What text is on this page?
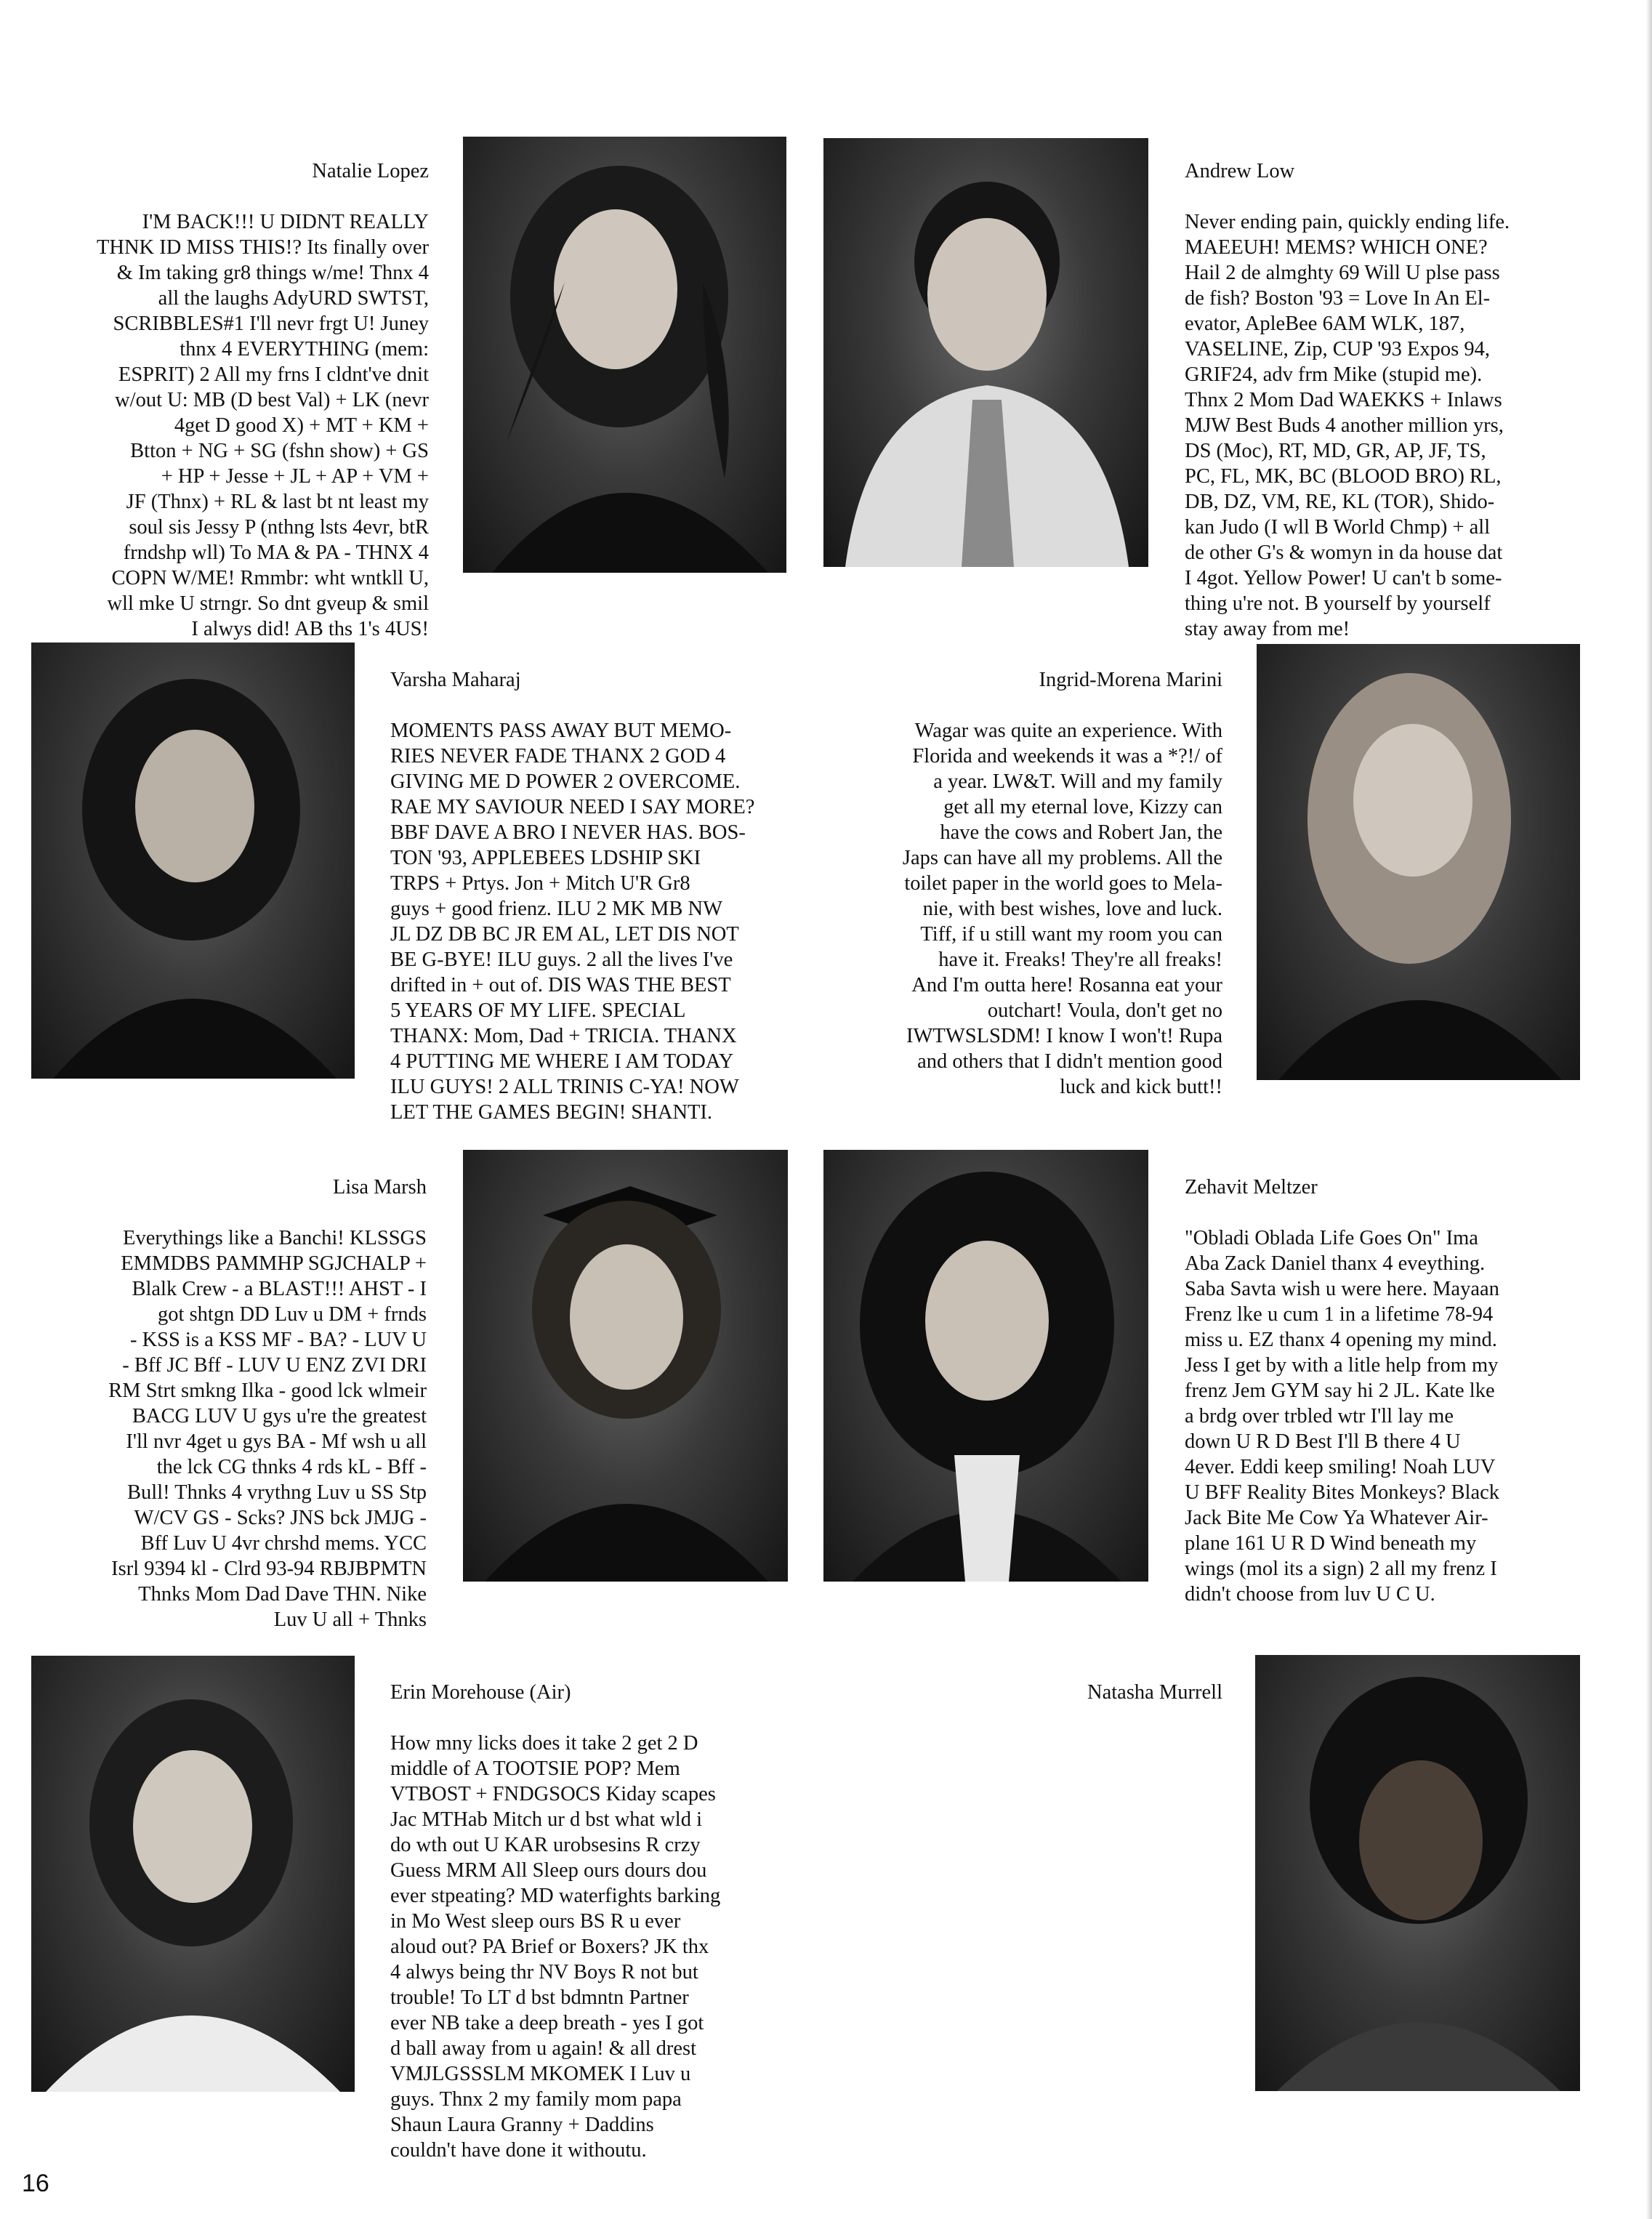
Natalie Lopez

I'M BACK!!! U DIDNT REALLY
THNK ID MISS THIS!? Its finally over
& Im taking gr8 things w/me! Thnx 4
all the laughs AdyURD SWTST,
SCRIBBLES#1 I'll nevr frgt U! Juney
thnx 4 EVERYTHING (mem:
ESPRIT) 2 All my frns I cldnt've dnit
w/out U: MB (D best Val) + LK (nevr
4get D good X) + MT + KM +
Btton + NG + SG (fshn show) + GS
+ HP + Jesse + JL + AP + VM +
JF (Thnx) + RL & last bt nt least my
soul sis Jessy P (nthng lsts 4evr, btR
frndshp wll) To MA & PA - THNX 4
COPN W/ME! Rmmbr: wht wntkll U,
wll mke U strngr. So dnt gveup & smil
I alwys did! AB ths 1's 4US!

Andrew Low

Never ending pain, quickly ending life.
MAEEUH! MEMS? WHICH ONE?
Hail 2 de almghty 69 Will U plse pass
de fish? Boston '93 = Love In An El-
evator, ApleBee 6AM WLK, 187,
VASELINE, Zip, CUP '93 Expos 94,
GRIF24, adv frm Mike (stupid me).
Thnx 2 Mom Dad WAEKKS + Inlaws
MJW Best Buds 4 another million yrs,
DS (Moc), RT, MD, GR, AP, JF, TS,
PC, FL, MK, BC (BLOOD BRO) RL,
DB, DZ, VM, RE, KL (TOR), Shido-
kan Judo (I wll B World Chmp) + all
de other G's & womyn in da house dat
I 4got. Yellow Power! U can't b some-
thing u're not. B yourself by yourself
stay away from me!

Varsha Maharaj

MOMENTS PASS AWAY BUT MEMO-
RIES NEVER FADE THANX 2 GOD 4
GIVING ME D POWER 2 OVERCOME.
RAE MY SAVIOUR NEED I SAY MORE?
BBF DAVE A BRO I NEVER HAS. BOS-
TON '93, APPLEBEES LDSHIP SKI
TRPS + Prtys. Jon + Mitch U'R Gr8
guys + good frienz. ILU 2 MK MB NW
JL DZ DB BC JR EM AL, LET DIS NOT
BE G-BYE! ILU guys. 2 all the lives I've
drifted in + out of. DIS WAS THE BEST
5 YEARS OF MY LIFE. SPECIAL
THANX: Mom, Dad + TRICIA. THANX
4 PUTTING ME WHERE I AM TODAY
ILU GUYS! 2 ALL TRINIS C-YA! NOW
LET THE GAMES BEGIN! SHANTI.

Ingrid-Morena Marini

Wagar was quite an experience. With
Florida and weekends it was a *?!/ of
a year. LW&T. Will and my family
get all my eternal love, Kizzy can
have the cows and Robert Jan, the
Japs can have all my problems. All the
toilet paper in the world goes to Mela-
nie, with best wishes, love and luck.
Tiff, if u still want my room you can
have it. Freaks! They're all freaks!
And I'm outta here! Rosanna eat your
outchart! Voula, don't get no
IWTWSLSDM! I know I won't! Rupa
and others that I didn't mention good
luck and kick butt!!

Lisa Marsh

Everythings like a Banchi! KLSSGS
EMMDBS PAMMHP SGJCHALP +
Blalk Crew - a BLAST!!! AHST - I
got shtgn DD Luv u DM + frnds
- KSS is a KSS MF - BA? - LUV U
- Bff JC Bff - LUV U ENZ ZVI DRI
RM Strt smkng Ilka - good lck wlmeir
BACG LUV U gys u're the greatest
I'll nvr 4get u gys BA - Mf wsh u all
the lck CG thnks 4 rds kL - Bff -
Bull! Thnks 4 vrythng Luv u SS Stp
W/CV GS - Scks? JNS bck JMJG -
Bff Luv U 4vr chrshd mems. YCC
Isrl 9394 kl - Clrd 93-94 RBJBPMTN
Thnks Mom Dad Dave THN. Nike
Luv U all + Thnks

Zehavit Meltzer

"Obladi Oblada Life Goes On" Ima
Aba Zack Daniel thanx 4 eveything.
Saba Savta wish u were here. Mayaan
Frenz lke u cum 1 in a lifetime 78-94
miss u. EZ thanx 4 opening my mind.
Jess I get by with a litle help from my
frenz Jem GYM say hi 2 JL. Kate lke
a brdg over trbled wtr I'll lay me
down U R D Best I'll B there 4 U
4ever. Eddi keep smiling! Noah LUV
U BFF Reality Bites Monkeys? Black
Jack Bite Me Cow Ya Whatever Air-
plane 161 U R D Wind beneath my
wings (mol its a sign) 2 all my frenz I
didn't choose from luv U C U.

Erin Morehouse (Air)

How mny licks does it take 2 get 2 D
middle of A TOOTSIE POP? Mem
VTBOST + FNDGSOCS Kiday scapes
Jac MTHab Mitch ur d bst what wld i
do wth out U KAR urobsesins R crzy
Guess MRM All Sleep ours dours dou
ever stpeating? MD waterfights barking
in Mo West sleep ours BS R u ever
aloud out? PA Brief or Boxers? JK thx
4 alwys being thr NV Boys R not but
trouble! To LT d bst bdmntn Partner
ever NB take a deep breath - yes I got
d ball away from u again! & all drest
VMJLGSSSLM MKOMEK I Luv u
guys. Thnx 2 my family mom papa
Shaun Laura Granny + Daddins
couldn't have done it withoutu.

Natasha Murrell

16
